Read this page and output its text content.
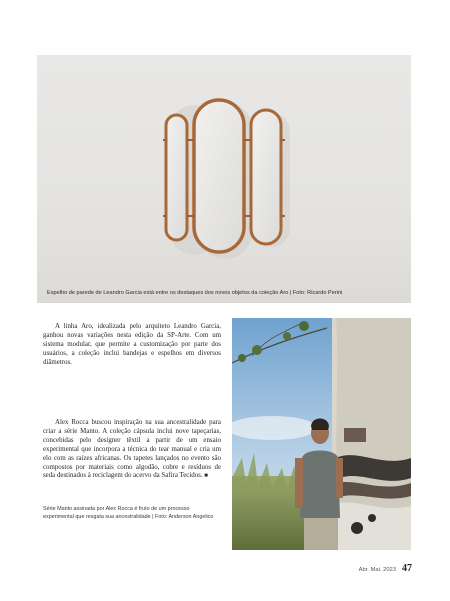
Espelho de parede de Leandro Garcia está entre os destaques dos novos objetos da coleção Aro | Foto: Ricardo Perini

A linha Aro, idealizada pelo arquiteto Leandro Garcia, ganhou novas variações nesta edição da SP-Arte. Com um sistema modular, que permite a customização por parte dos usuários, a coleção inclui bandejas e espelhos em diversos diâmetros.

Alex Rocca buscou inspiração na sua ancestralidade para criar a série Manto. A coleção cápsula inclui nove tapeçarias, concebidas pelo designer têxtil a partir de um ensaio experimental que incorpora a técnica do tear manual e cria um elo com as raízes africanas. Os tapetes lançados no evento são compostos por materiais como algodão, cobre e resíduos de seda destinados à reciclagem do acervo da Safira Tecidos. ■

Série Manto assinada por Alex Rocca é fruto de um processo experimental que resgata sua ancestralidade | Foto: Anderson Angelico

Abr. Mai. 2023 47
